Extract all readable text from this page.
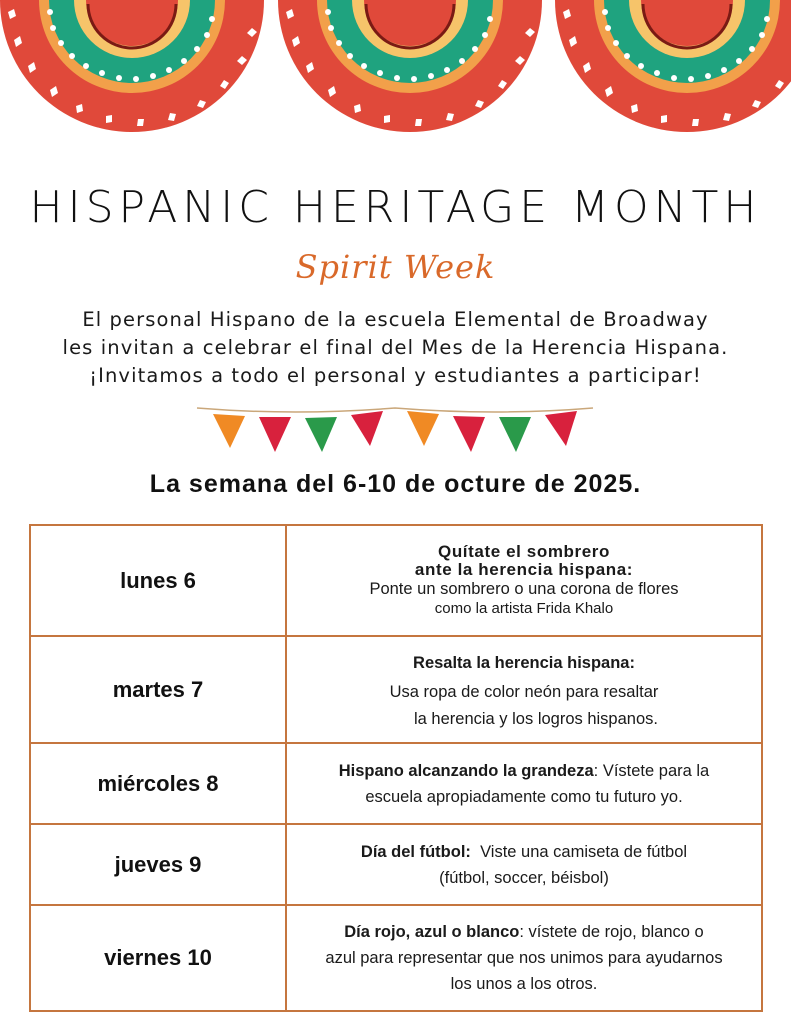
HISPANIC HERITAGE MONTH
Spirit Week
El personal Hispano de la escuela Elemental de Broadway
les invitan a celebrar el final del Mes de la Herencia Hispana.
¡Invitamos a todo el personal y estudiantes a participar!
La semana del 6-10 de octure de 2025.
lunes 6	Quítate el sombrero
ante la herencia hispana:
Ponte un sombrero o una corona de flores
como la artista Frida Khalo

martes 7	Resalta la herencia hispana:
Usa ropa de color neón para resaltar
la herencia y los logros hispanos.

miércoles 8	Hispano alcanzando la grandeza: Vístete para la
escuela apropiadamente como tu futuro yo.

jueves 9	Día del fútbol:  Viste una camiseta de fútbol
(fútbol, soccer, béisbol)

viernes 10	Día rojo, azul o blanco: vístete de rojo, blanco o
azul para representar que nos unimos para ayudarnos
los unos a los otros.
